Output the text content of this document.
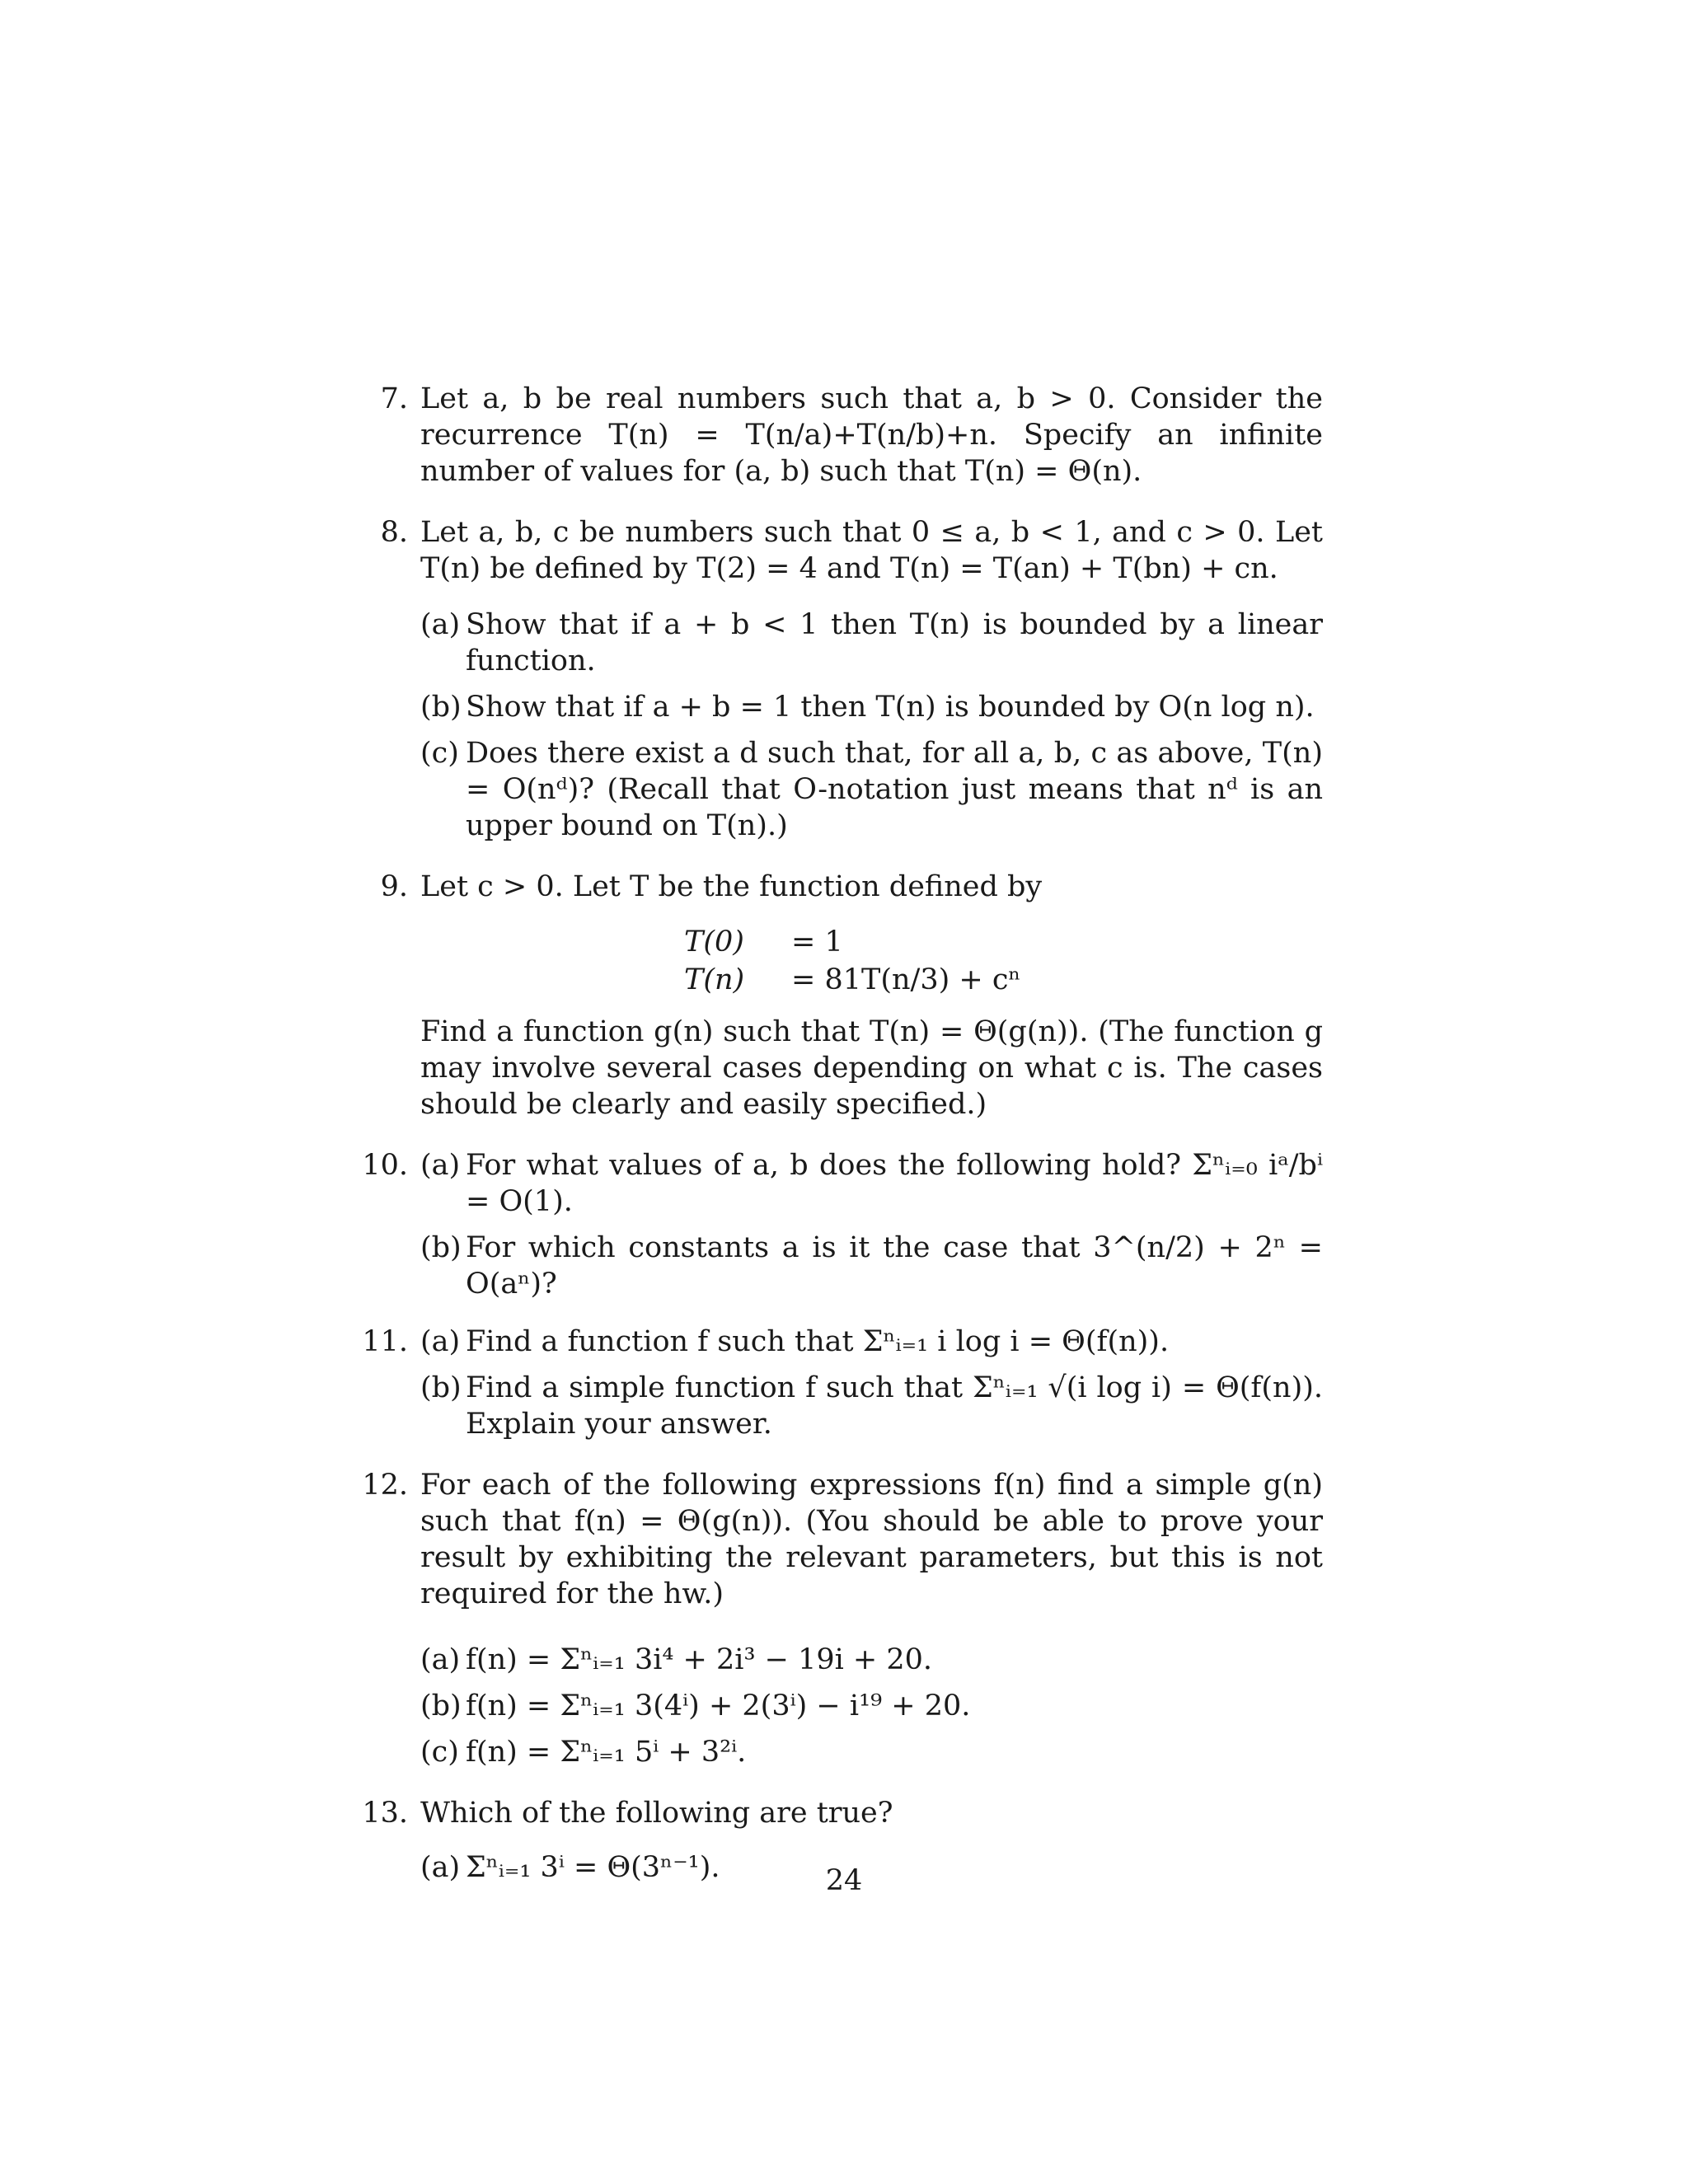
7. Let a, b be real numbers such that a, b > 0. Consider the recurrence T(n) = T(n/a)+T(n/b)+n. Specify an infinite number of values for (a, b) such that T(n) = Θ(n).
8. Let a, b, c be numbers such that 0 ≤ a, b < 1, and c > 0. Let T(n) be defined by T(2) = 4 and T(n) = T(an) + T(bn) + cn.
(a) Show that if a + b < 1 then T(n) is bounded by a linear function.
(b) Show that if a + b = 1 then T(n) is bounded by O(n log n).
(c) Does there exist a d such that, for all a, b, c as above, T(n) = O(nᵈ)? (Recall that O-notation just means that nᵈ is an upper bound on T(n).)
9. Let c > 0. Let T be the function defined by
T(0)	= 1
T(n)	= 81T(n/3) + cⁿ
Find a function g(n) such that T(n) = Θ(g(n)). (The function g may involve several cases depending on what c is. The cases should be clearly and easily specified.)
10. (a) For what values of a, b does the following hold? Σⁿᵢ₌₀ iᵃ/bⁱ = O(1).
(b) For which constants a is it the case that 3^(n/2) + 2ⁿ = O(aⁿ)?
11. (a) Find a function f such that Σⁿᵢ₌₁ i log i = Θ(f(n)).
(b) Find a simple function f such that Σⁿᵢ₌₁ √(i log i) = Θ(f(n)). Explain your answer.
12. For each of the following expressions f(n) find a simple g(n) such that f(n) = Θ(g(n)). (You should be able to prove your result by exhibiting the relevant parameters, but this is not required for the hw.)
(a) f(n) = Σⁿᵢ₌₁ 3i⁴ + 2i³ − 19i + 20.
(b) f(n) = Σⁿᵢ₌₁ 3(4ⁱ) + 2(3ⁱ) − i¹⁹ + 20.
(c) f(n) = Σⁿᵢ₌₁ 5ⁱ + 3²ⁱ.
13. Which of the following are true?
(a) Σⁿᵢ₌₁ 3ⁱ = Θ(3ⁿ⁻¹).	24
